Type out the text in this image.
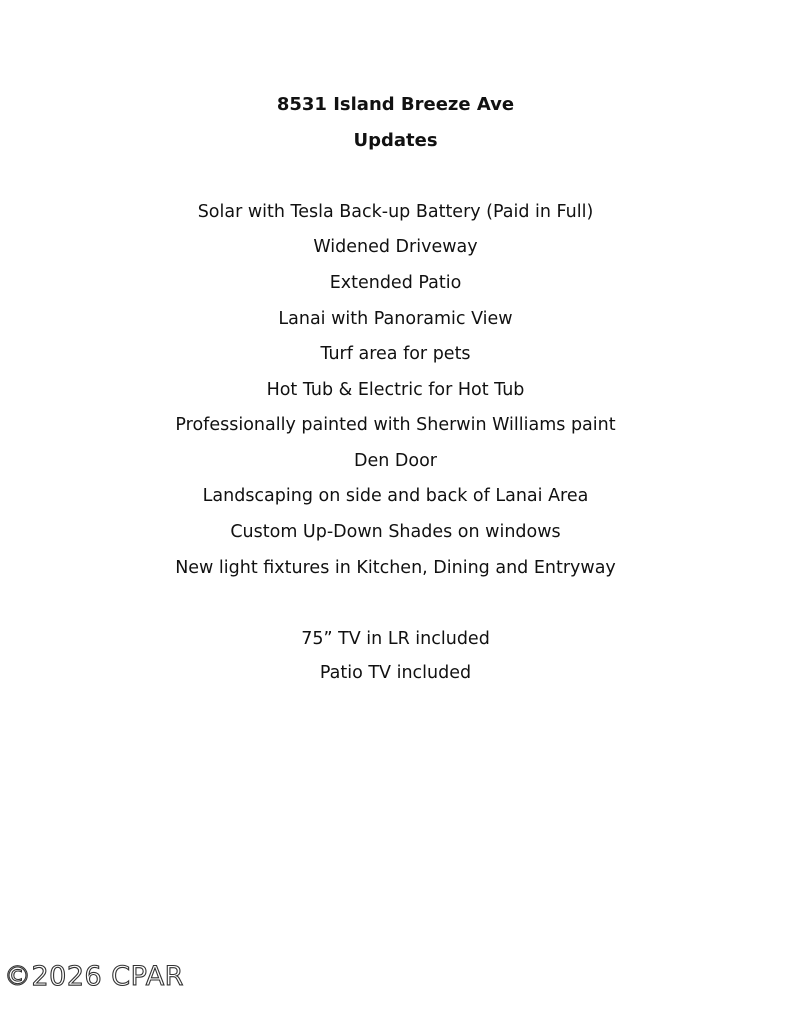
8531 Island Breeze Ave
Updates
Solar with Tesla Back-up Battery (Paid in Full)
Widened Driveway
Extended Patio
Lanai with Panoramic View
Turf area for pets
Hot Tub & Electric for Hot Tub
Professionally painted with Sherwin Williams paint
Den Door
Landscaping on side and back of Lanai Area
Custom Up-Down Shades on windows
New light fixtures in Kitchen, Dining and Entryway
75” TV in LR included
Patio TV included
©2026 CPAR
